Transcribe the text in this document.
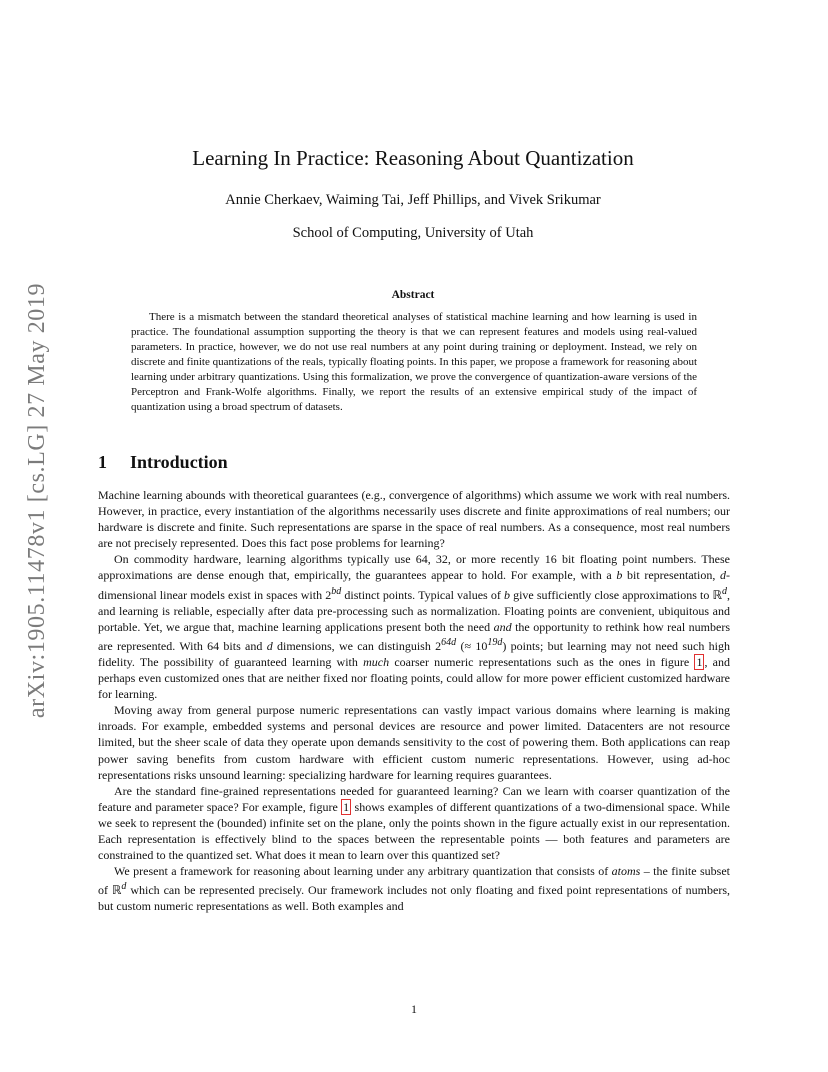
arXiv:1905.11478v1 [cs.LG] 27 May 2019
Learning In Practice: Reasoning About Quantization
Annie Cherkaev, Waiming Tai, Jeff Phillips, and Vivek Srikumar
School of Computing, University of Utah
Abstract

There is a mismatch between the standard theoretical analyses of statistical machine learning and how learning is used in practice. The foundational assumption supporting the theory is that we can represent features and models using real-valued parameters. In practice, however, we do not use real numbers at any point during training or deployment. Instead, we rely on discrete and finite quantizations of the reals, typically floating points. In this paper, we propose a framework for reasoning about learning under arbitrary quantizations. Using this formalization, we prove the convergence of quantization-aware versions of the Perceptron and Frank-Wolfe algorithms. Finally, we report the results of an extensive empirical study of the impact of quantization using a broad spectrum of datasets.

1 Introduction

Machine learning abounds with theoretical guarantees (e.g., convergence of algorithms) which assume we work with real numbers. However, in practice, every instantiation of the algorithms necessarily uses discrete and finite approximations of real numbers; our hardware is discrete and finite. Such representations are sparse in the space of real numbers. As a consequence, most real numbers are not precisely represented. Does this fact pose problems for learning?

On commodity hardware, learning algorithms typically use 64, 32, or more recently 16 bit floating point numbers. These approximations are dense enough that, empirically, the guarantees appear to hold. For example, with a b bit representation, d-dimensional linear models exist in spaces with $2^{bd}$ distinct points. Typical values of b give sufficiently close approximations to ℝ$^d$, and learning is reliable, especially after data pre-processing such as normalization. Floating points are convenient, ubiquitous and portable. Yet, we argue that, machine learning applications present both the need and the opportunity to rethink how real numbers are represented. With 64 bits and d dimensions, we can distinguish $2^{64d}$ (≈ $10^{19d}$) points; but learning may not need such high fidelity. The possibility of guaranteed learning with much coarser numeric representations such as the ones in figure 1 , and perhaps even customized ones that are neither fixed nor floating points, could allow for more power efficient customized hardware for learning.

Moving away from general purpose numeric representations can vastly impact various domains where learning is making inroads. For example, embedded systems and personal devices are resource and power limited. Datacenters are not resource limited, but the sheer scale of data they operate upon demands sensitivity to the cost of powering them. Both applications can reap power saving benefits from custom hardware with efficient custom numeric representations. However, using ad-hoc representations risks unsound learning: specializing hardware for learning requires guarantees.

Are the standard fine-grained representations needed for guaranteed learning? Can we learn with coarser quantization of the feature and parameter space? For example, figure 1 shows examples of different quantizations of a two-dimensional space. While we seek to represent the (bounded) infinite set on the plane, only the points shown in the figure actually exist in our representation. Each representation is effectively blind to the spaces between the representable points — both features and parameters are constrained to the quantized set. What does it mean to learn over this quantized set?

We present a framework for reasoning about learning under any arbitrary quantization that consists of atoms – the finite subset of ℝ$^d$ which can be represented precisely. Our framework includes not only floating and fixed point representations of numbers, but custom numeric representations as well. Both examples and

1
